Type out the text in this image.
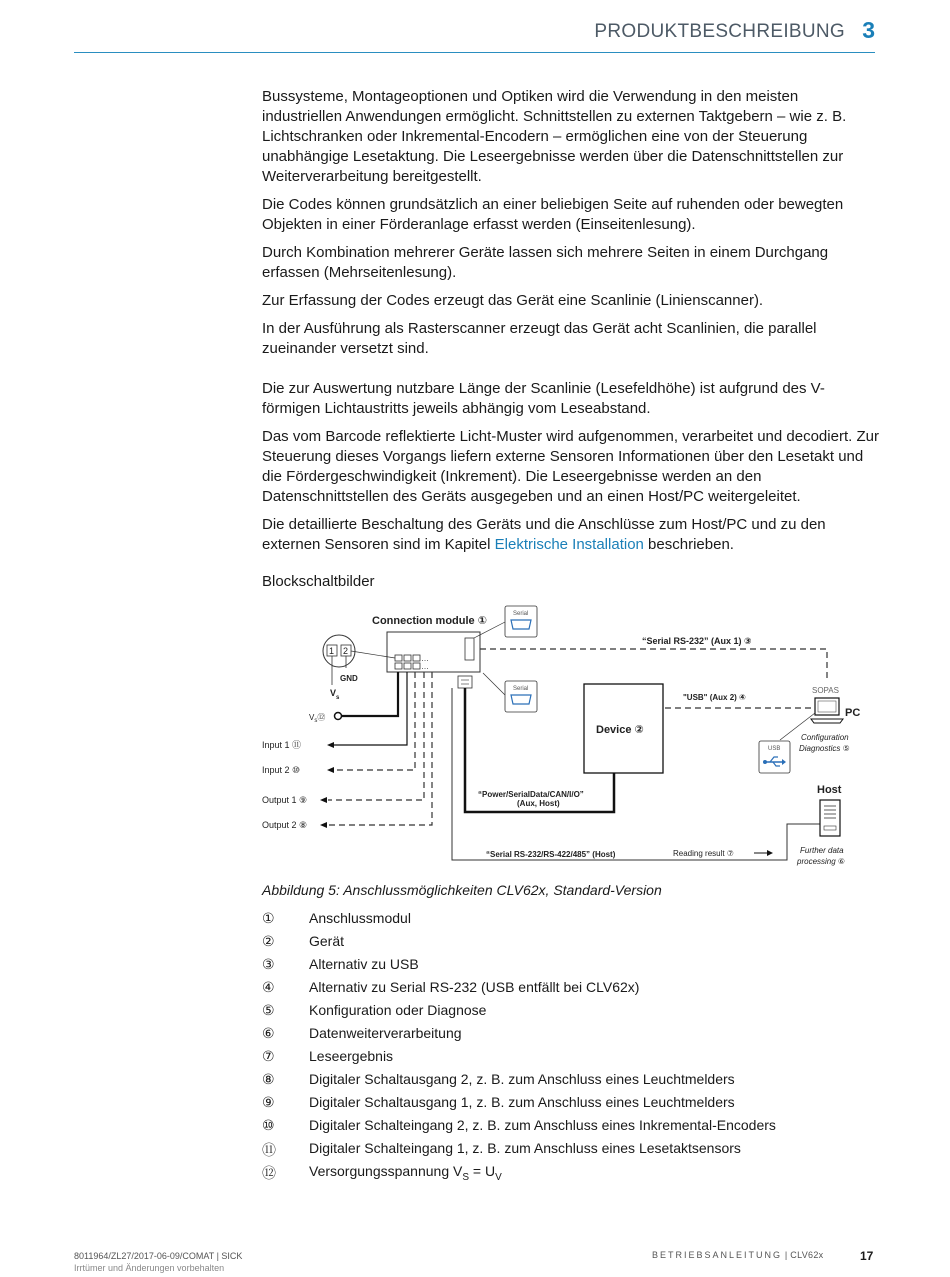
PRODUKTBESCHREIBUNG 3

Bussysteme, Montageoptionen und Optiken wird die Verwendung in den meisten industriellen Anwendungen ermöglicht. Schnittstellen zu externen Taktgebern – wie z. B. Lichtschranken oder Inkremental-Encodern – ermöglichen eine von der Steuerung unabhängige Lesetaktung. Die Leseergebnisse werden über die Datenschnittstellen zur Weiterverarbeitung bereitgestellt.

Die Codes können grundsätzlich an einer beliebigen Seite auf ruhenden oder bewegten Objekten in einer Förderanlage erfasst werden (Einseitenlesung).

Durch Kombination mehrerer Geräte lassen sich mehrere Seiten in einem Durchgang erfassen (Mehrseitenlesung).

Zur Erfassung der Codes erzeugt das Gerät eine Scanlinie (Linienscanner).

In der Ausführung als Rasterscanner erzeugt das Gerät acht Scanlinien, die parallel zueinander versetzt sind.

Die zur Auswertung nutzbare Länge der Scanlinie (Lesefeldhöhe) ist aufgrund des V-förmigen Lichtaustritts jeweils abhängig vom Leseabstand.

Das vom Barcode reflektierte Licht-Muster wird aufgenommen, verarbeitet und decodiert. Zur Steuerung dieses Vorgangs liefern externe Sensoren Informationen über den Lesetakt und die Fördergeschwindigkeit (Inkrement). Die Leseergebnisse werden an den Datenschnittstellen des Geräts ausgegeben und an einen Host/PC weitergeleitet.

Die detaillierte Beschaltung des Geräts und die Anschlüsse zum Host/PC und zu den externen Sensoren sind im Kapitel Elektrische Installation beschrieben.

Blockschaltbilder
Connection module ①
…
…
Serial
Serial
“Serial RS-232” (Aux 1) ③
1 2
GND
$V_s$
$V_s⑫$
Input 1 ⑪
Input 2 ⑩
Output 1 ⑨
Output 2 ⑧
Device ②
“Power/SerialData/CAN/I/O”
(Aux, Host)
“Serial RS-232/RS-422/485” (Host)	Reading result ⑦
"USB" (Aux 2) ④
SOPAS
PC
Configuration
Diagnostics ⑤
USB
Host
Further data
processing ⑥
Abbildung 5: Anschlussmöglichkeiten CLV62x, Standard-Version
①	Anschlussmodul
②	Gerät
③	Alternativ zu USB
④	Alternativ zu Serial RS-232 (USB entfällt bei CLV62x)
⑤	Konfiguration oder Diagnose
⑥	Datenweiterverarbeitung
⑦	Leseergebnis
⑧	Digitaler Schaltausgang 2, z. B. zum Anschluss eines Leuchtmelders
⑨	Digitaler Schaltausgang 1, z. B. zum Anschluss eines Leuchtmelders
⑩	Digitaler Schalteingang 2, z. B. zum Anschluss eines Inkremental-Encoders
⑪	Digitaler Schalteingang 1, z. B. zum Anschluss eines Lesetaktsensors
⑫	Versorgungsspannung $V_S = U_V$
8011964/ZL27/2017-06-09/COMAT | SICK
Irrtümer und Änderungen vorbehalten
BETRIEBSANLEITUNG | CLV62x	17
